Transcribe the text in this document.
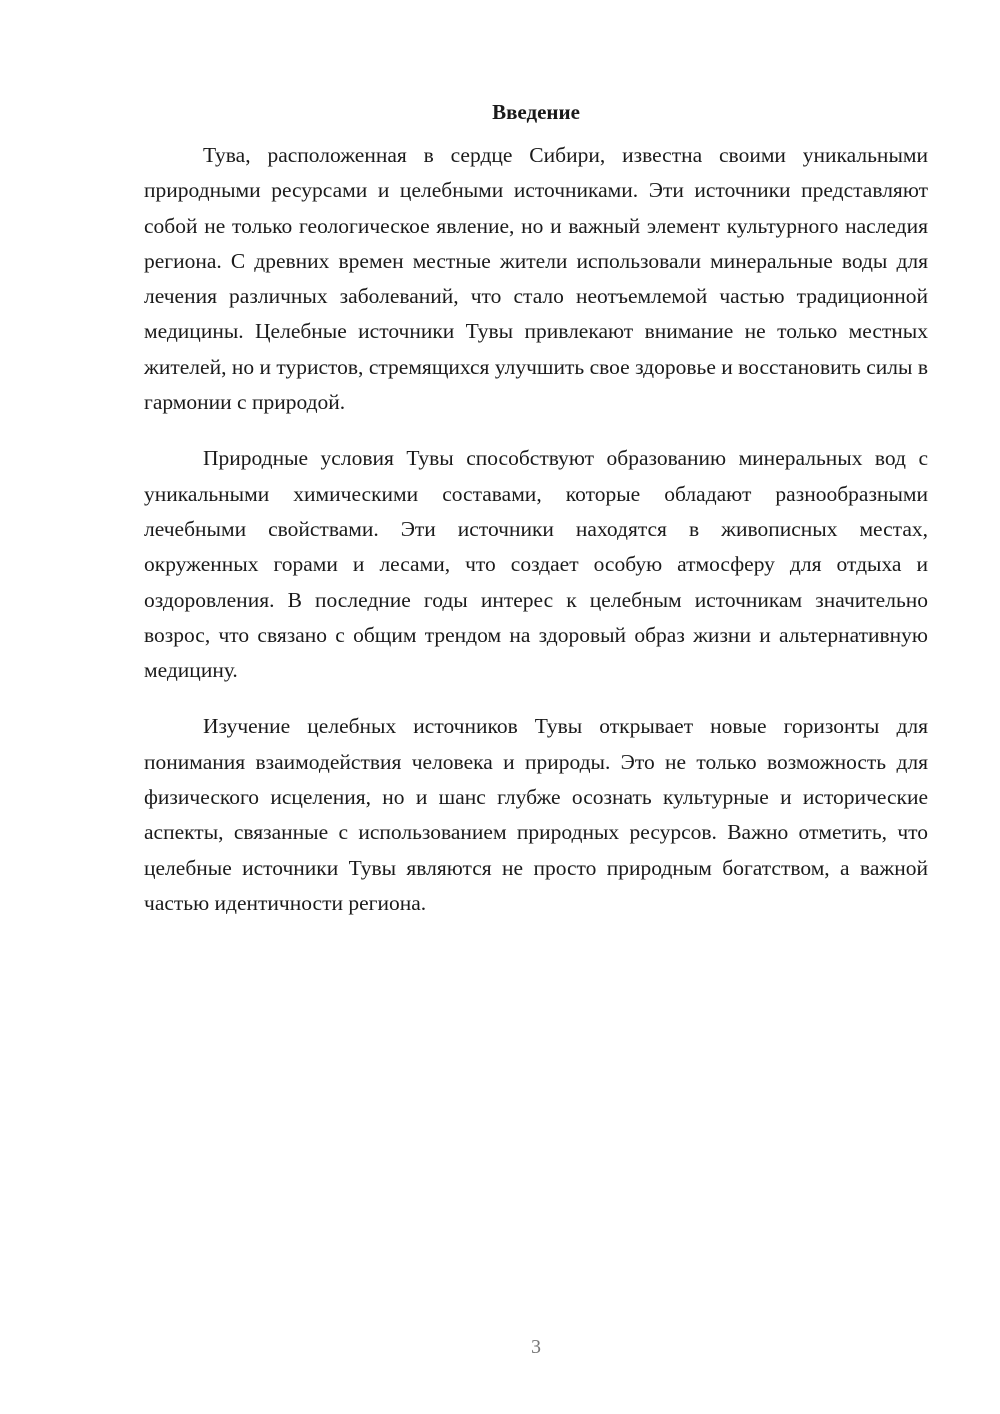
Введение

Тува, расположенная в сердце Сибири, известна своими уникальными природными ресурсами и целебными источниками. Эти источники представляют собой не только геологическое явление, но и важный элемент культурного наследия региона. С древних времен местные жители использовали минеральные воды для лечения различных заболеваний, что стало неотъемлемой частью традиционной медицины. Целебные источники Тувы привлекают внимание не только местных жителей, но и туристов, стремящихся улучшить свое здоровье и восстановить силы в гармонии с природой.

Природные условия Тувы способствуют образованию минеральных вод с уникальными химическими составами, которые обладают разнообразными лечебными свойствами. Эти источники находятся в живописных местах, окруженных горами и лесами, что создает особую атмосферу для отдыха и оздоровления. В последние годы интерес к целебным источникам значительно возрос, что связано с общим трендом на здоровый образ жизни и альтернативную медицину.

Изучение целебных источников Тувы открывает новые горизонты для понимания взаимодействия человека и природы. Это не только возможность для физического исцеления, но и шанс глубже осознать культурные и исторические аспекты, связанные с использованием природных ресурсов. Важно отметить, что целебные источники Тувы являются не просто природным богатством, а важной частью идентичности региона.

3
